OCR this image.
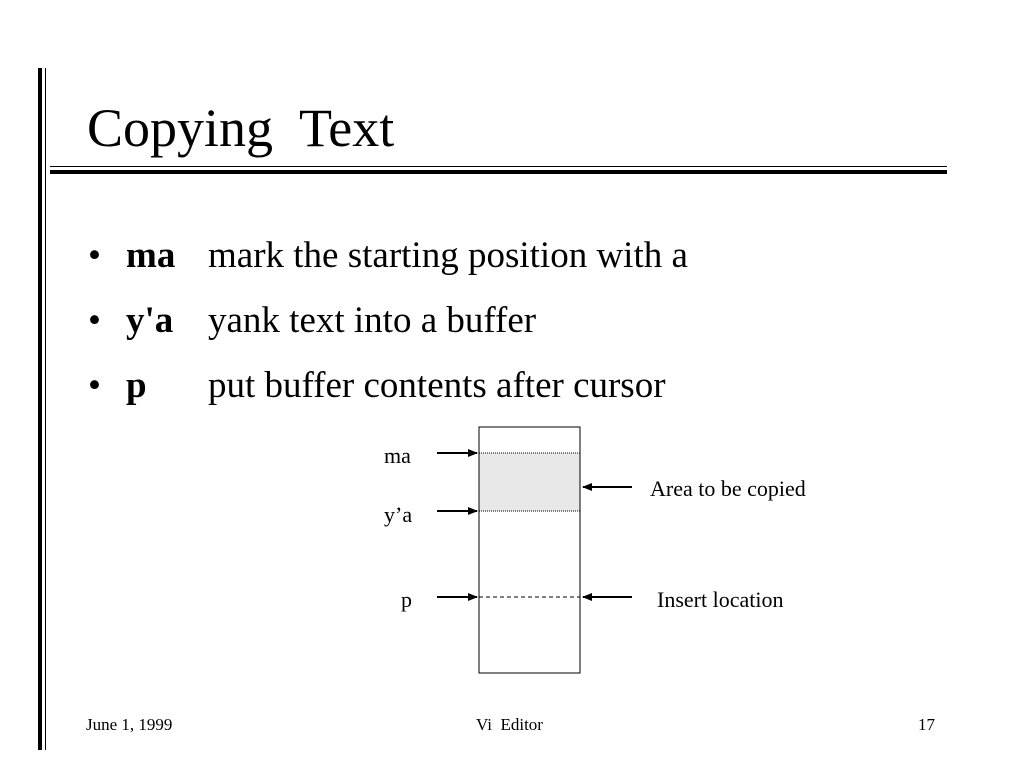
Copying  Text
• ma mark the starting position with a
• y'a yank text into a buffer
• p put buffer contents after cursor
ma
y’a
p
Area to be copied
Insert location
June 1, 1999	Vi  Editor	17
